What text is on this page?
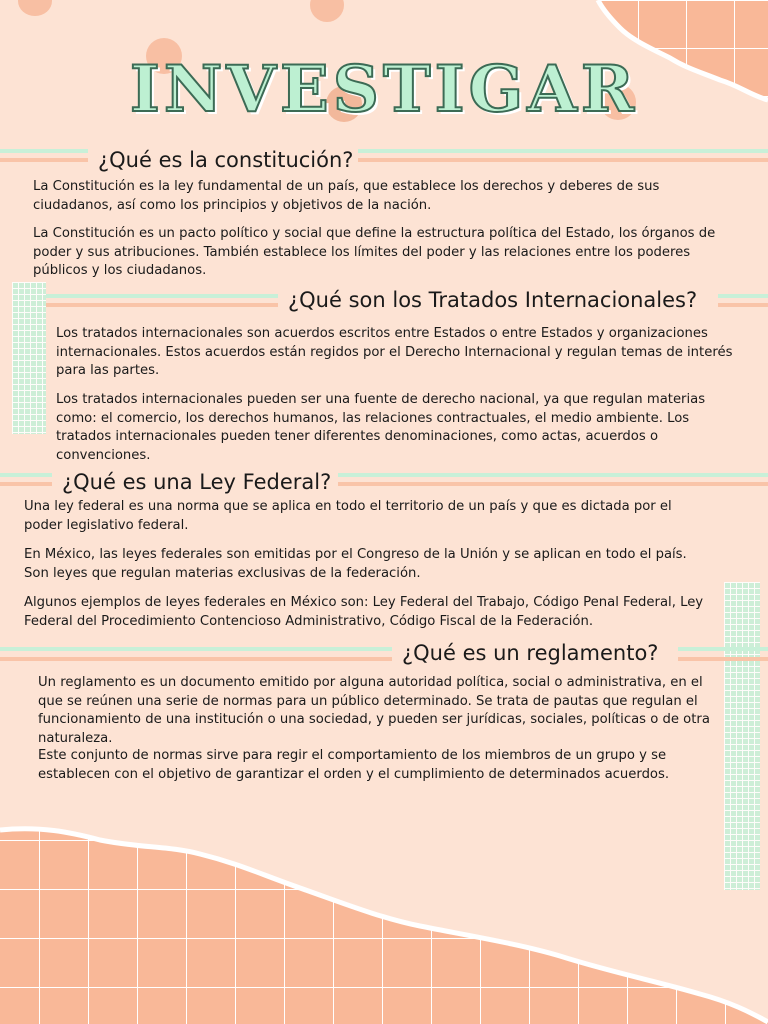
INVESTIGAR
¿Qué es la constitución?

La Constitución es la ley fundamental de un país, que establece los derechos y deberes de sus ciudadanos, así como los principios y objetivos de la nación.

La Constitución es un pacto político y social que define la estructura política del Estado, los órganos de poder y sus atribuciones. También establece los límites del poder y las relaciones entre los poderes públicos y los ciudadanos.

¿Qué son los Tratados Internacionales?

Los tratados internacionales son acuerdos escritos entre Estados o entre Estados y organizaciones internacionales. Estos acuerdos están regidos por el Derecho Internacional y regulan temas de interés para las partes.

Los tratados internacionales pueden ser una fuente de derecho nacional, ya que regulan materias como: el comercio, los derechos humanos, las relaciones contractuales, el medio ambiente. Los tratados internacionales pueden tener diferentes denominaciones, como actas, acuerdos o convenciones.

¿Qué es una Ley Federal?

Una ley federal es una norma que se aplica en todo el territorio de un país y que es dictada por el poder legislativo federal.

En México, las leyes federales son emitidas por el Congreso de la Unión y se aplican en todo el país. Son leyes que regulan materias exclusivas de la federación.

Algunos ejemplos de leyes federales en México son: Ley Federal del Trabajo, Código Penal Federal, Ley Federal del Procedimiento Contencioso Administrativo, Código Fiscal de la Federación.

¿Qué es un reglamento?

Un reglamento es un documento emitido por alguna autoridad política, social o administrativa, en el que se reúnen una serie de normas para un público determinado. Se trata de pautas que regulan el funcionamiento de una institución o una sociedad, y pueden ser jurídicas, sociales, políticas o de otra naturaleza.

Este conjunto de normas sirve para regir el comportamiento de los miembros de un grupo y se establecen con el objetivo de garantizar el orden y el cumplimiento de determinados acuerdos.
